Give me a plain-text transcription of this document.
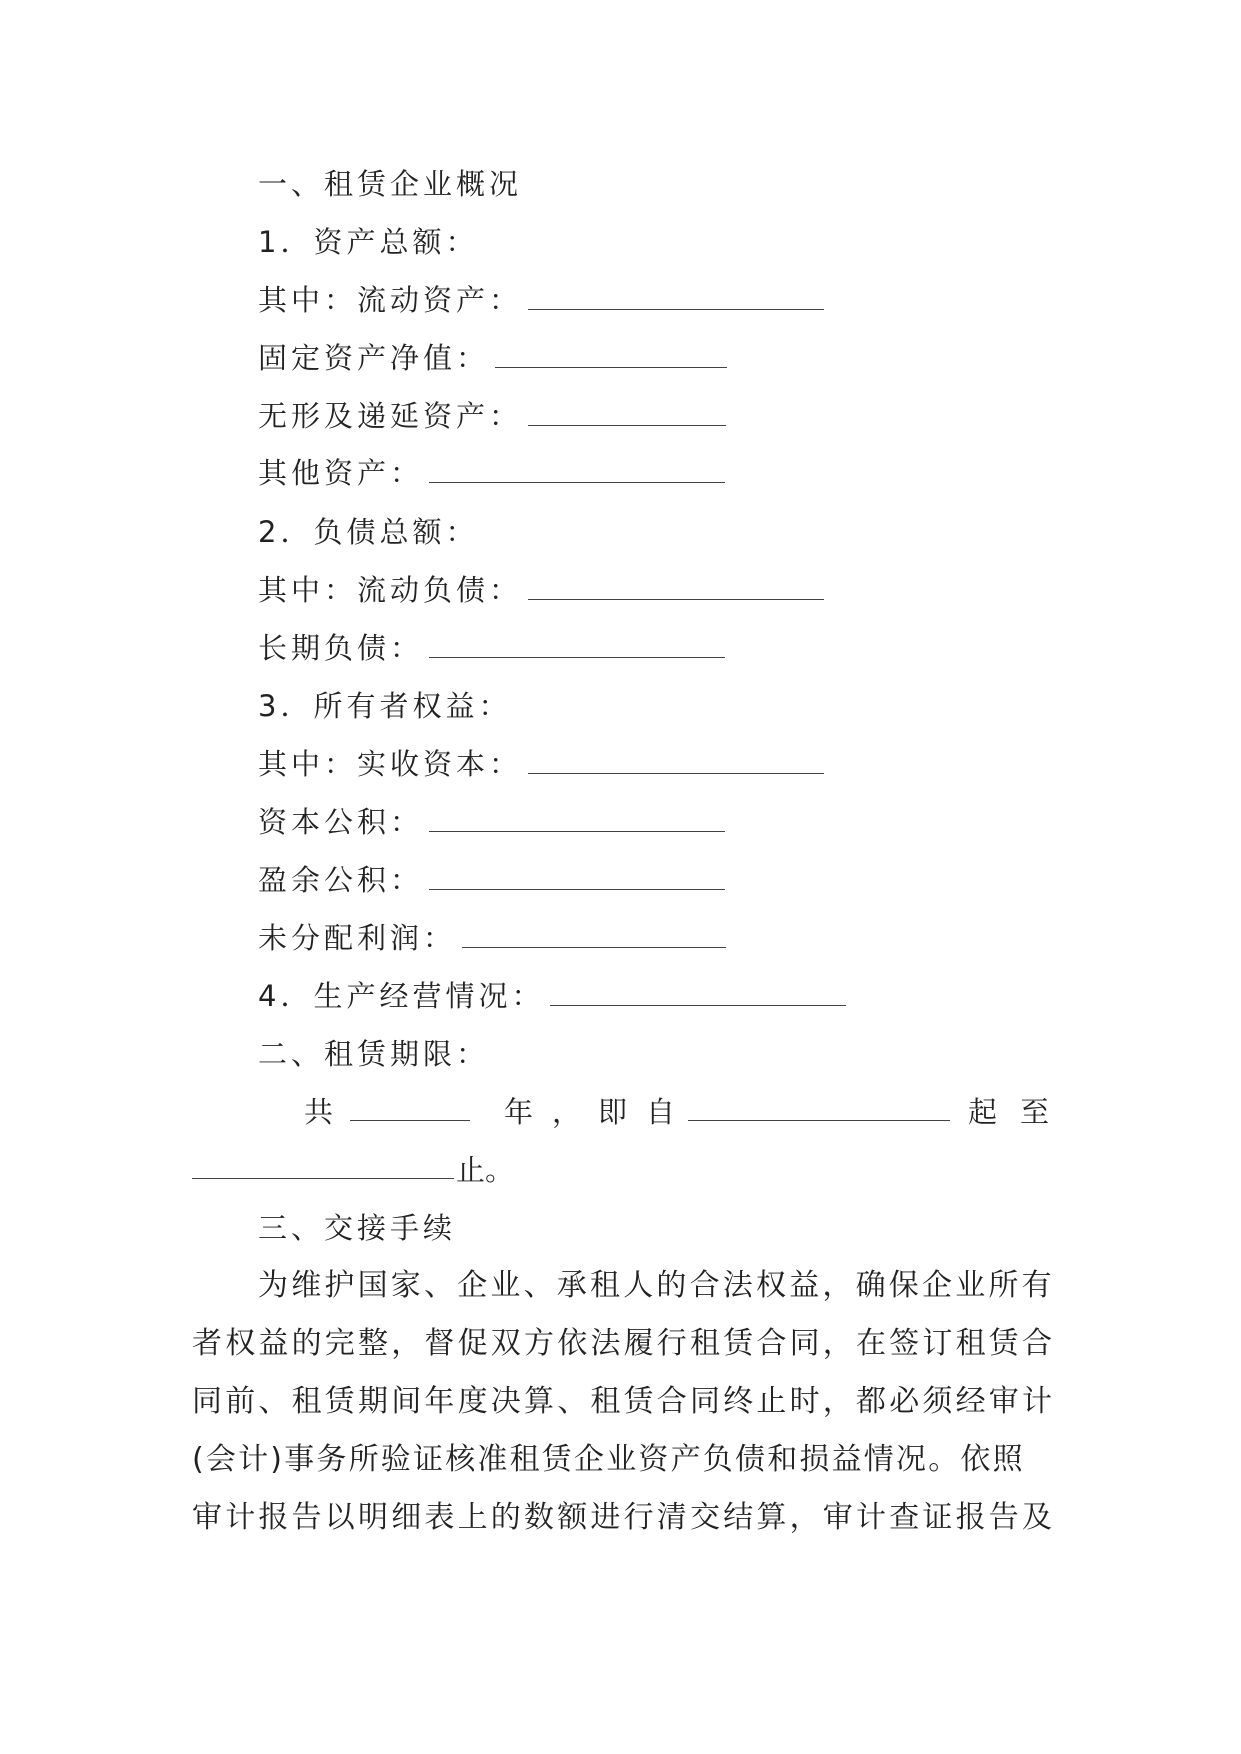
一、租赁企业概况
1．资产总额：
其中：流动资产：
固定资产净值：
无形及递延资产：
其他资产：
2．负债总额：
其中：流动负债：
长期负债：
3．所有者权益：
其中：实收资本：
资本公积：
盈余公积：
未分配利润：
4．生产经营情况：
二、租赁期限：
共	年 ， 即 自	起 至
止。
三、交接手续
为维护国家、企业、承租人的合法权益，确保企业所有
者权益的完整，督促双方依法履行租赁合同，在签订租赁合
同前、租赁期间年度决算、租赁合同终止时，都必须经审计
(会计)事务所验证核准租赁企业资产负债和损益情况。依照
审计报告以明细表上的数额进行清交结算，审计查证报告及
